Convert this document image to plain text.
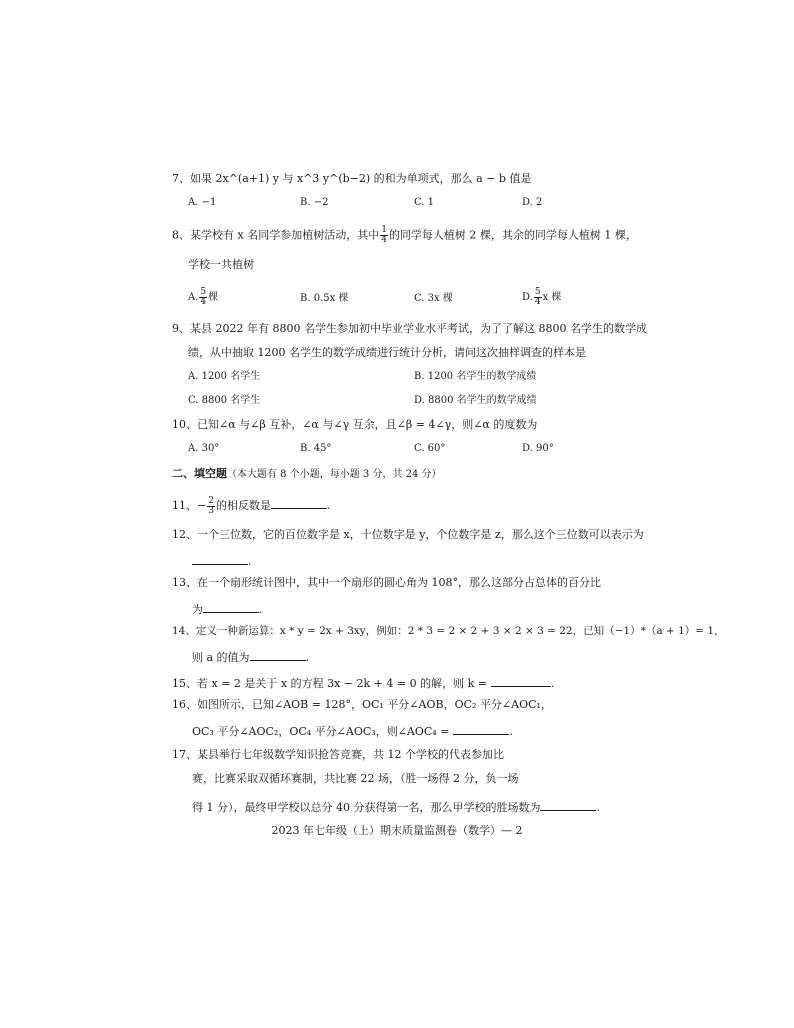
7、如果 2x^(a+1) y 与 x^3 y^(b−2) 的和为单项式，那么 a − b 值是
A. −1	B. −2	C. 1	D. 2
8、某学校有 x 名同学参加植树活动，其中 $\frac{1}{4}$ 的同学每人植树 2 棵，其余的同学每人植树 1 棵，
学校一共植树
A. $\frac{5}{4}$ 棵	B. 0.5x 棵	C. 3x 棵	D. $\frac{5}{4}$ x 棵
9、某县 2022 年有 8800 名学生参加初中毕业学业水平考试，为了了解这 8800 名学生的数学成
绩，从中抽取 1200 名学生的数学成绩进行统计分析，请问这次抽样调查的样本是
A. 1200 名学生	B. 1200 名学生的数学成绩
C. 8800 名学生	D. 8800 名学生的数学成绩
10、已知∠α 与∠β 互补，∠α 与∠γ 互余，且∠β = 4∠γ，则∠α 的度数为
A. 30°	B. 45°	C. 60°	D. 90°
二、填空题（本大题有 8 个小题，每小题 3 分，共 24 分）
11、− $\frac{2}{3}$ 的相反数是	.
12、一个三位数，它的百位数字是 x，十位数字是 y，个位数字是 z，那么这个三位数可以表示为
.
13、在一个扇形统计图中，其中一个扇形的圆心角为 108°，那么这部分占总体的百分比
为	.
14、定义一种新运算：x * y = 2x + 3xy，例如：2 * 3 = 2 × 2 + 3 × 2 × 3 = 22，已知（−1）*（a + 1）= 1，
则 a 的值为	.
15、若 x = 2 是关于 x 的方程 3x − 2k + 4 = 0 的解，则 k =	.
16、如图所示，已知∠AOB = 128°，OC₁ 平分∠AOB，OC₂ 平分∠AOC₁，
OC₃ 平分∠AOC₂，OC₄ 平分∠AOC₃，则∠AOC₄ =	.
17、某县举行七年级数学知识抢答竞赛，共 12 个学校的代表参加比
赛，比赛采取双循环赛制，共比赛 22 场，（胜一场得 2 分，负一场
得 1 分），最终甲学校以总分 40 分获得第一名，那么甲学校的胜场数为	.
2023 年七年级（上）期末质量监测卷（数学）— 2
